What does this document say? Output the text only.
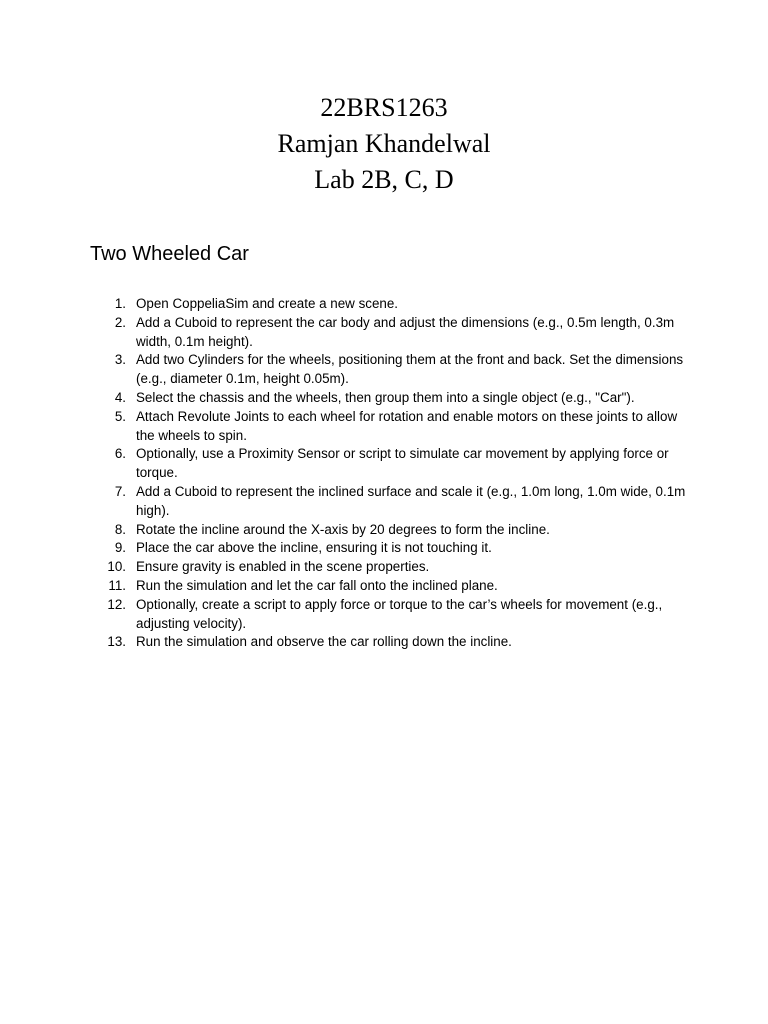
22BRS1263
Ramjan Khandelwal
Lab 2B, C, D
Two Wheeled Car
1. Open CoppeliaSim and create a new scene.
2. Add a Cuboid to represent the car body and adjust the dimensions (e.g., 0.5m length, 0.3m width, 0.1m height).
3. Add two Cylinders for the wheels, positioning them at the front and back. Set the dimensions (e.g., diameter 0.1m, height 0.05m).
4. Select the chassis and the wheels, then group them into a single object (e.g., "Car").
5. Attach Revolute Joints to each wheel for rotation and enable motors on these joints to allow the wheels to spin.
6. Optionally, use a Proximity Sensor or script to simulate car movement by applying force or torque.
7. Add a Cuboid to represent the inclined surface and scale it (e.g., 1.0m long, 1.0m wide, 0.1m high).
8. Rotate the incline around the X-axis by 20 degrees to form the incline.
9. Place the car above the incline, ensuring it is not touching it.
10. Ensure gravity is enabled in the scene properties.
11. Run the simulation and let the car fall onto the inclined plane.
12. Optionally, create a script to apply force or torque to the car’s wheels for movement (e.g., adjusting velocity).
13. Run the simulation and observe the car rolling down the incline.
